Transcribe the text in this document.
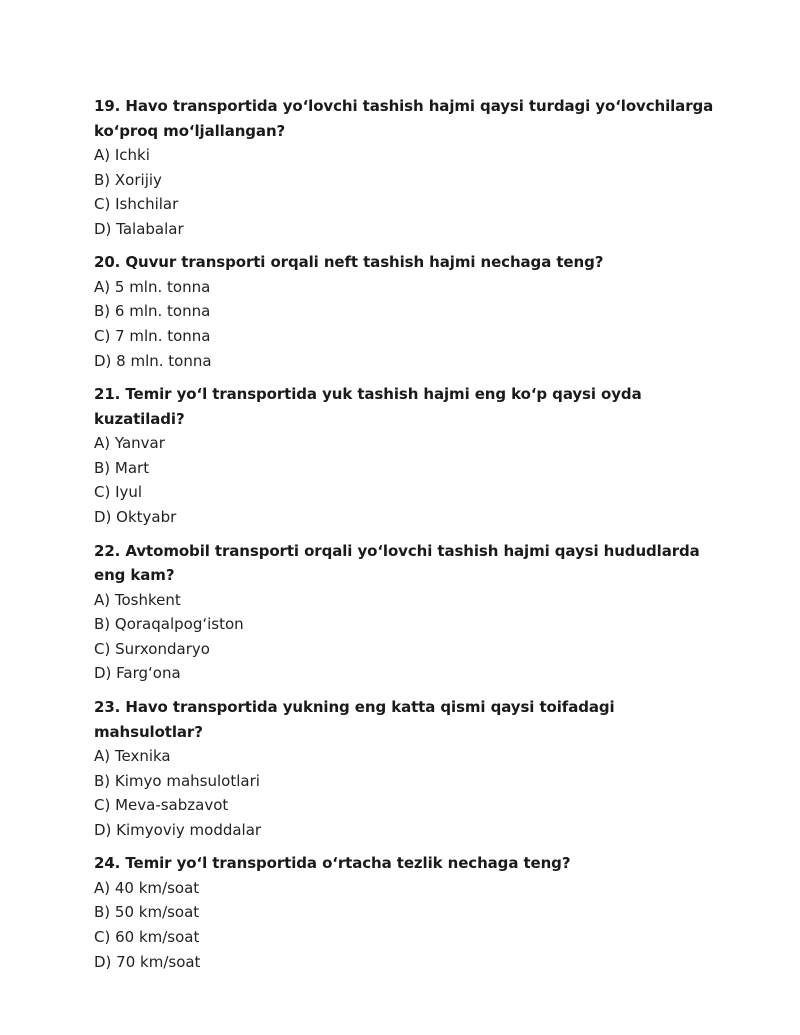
19. Havo transportida yo‘lovchi tashish hajmi qaysi turdagi yo‘lovchilarga ko‘proq mo‘ljallangan?

A) Ichki

B) Xorijiy

C) Ishchilar

D) Talabalar

20. Quvur transporti orqali neft tashish hajmi nechaga teng?

A) 5 mln. tonna

B) 6 mln. tonna

C) 7 mln. tonna

D) 8 mln. tonna

21. Temir yo‘l transportida yuk tashish hajmi eng ko‘p qaysi oyda kuzatiladi?

A) Yanvar

B) Mart

C) Iyul

D) Oktyabr

22. Avtomobil transporti orqali yo‘lovchi tashish hajmi qaysi hududlarda eng kam?

A) Toshkent

B) Qoraqalpog‘iston

C) Surxondaryo

D) Farg‘ona

23. Havo transportida yukning eng katta qismi qaysi toifadagi mahsulotlar?

A) Texnika

B) Kimyo mahsulotlari

C) Meva-sabzavot

D) Kimyoviy moddalar

24. Temir yo‘l transportida o‘rtacha tezlik nechaga teng?

A) 40 km/soat

B) 50 km/soat

C) 60 km/soat

D) 70 km/soat
